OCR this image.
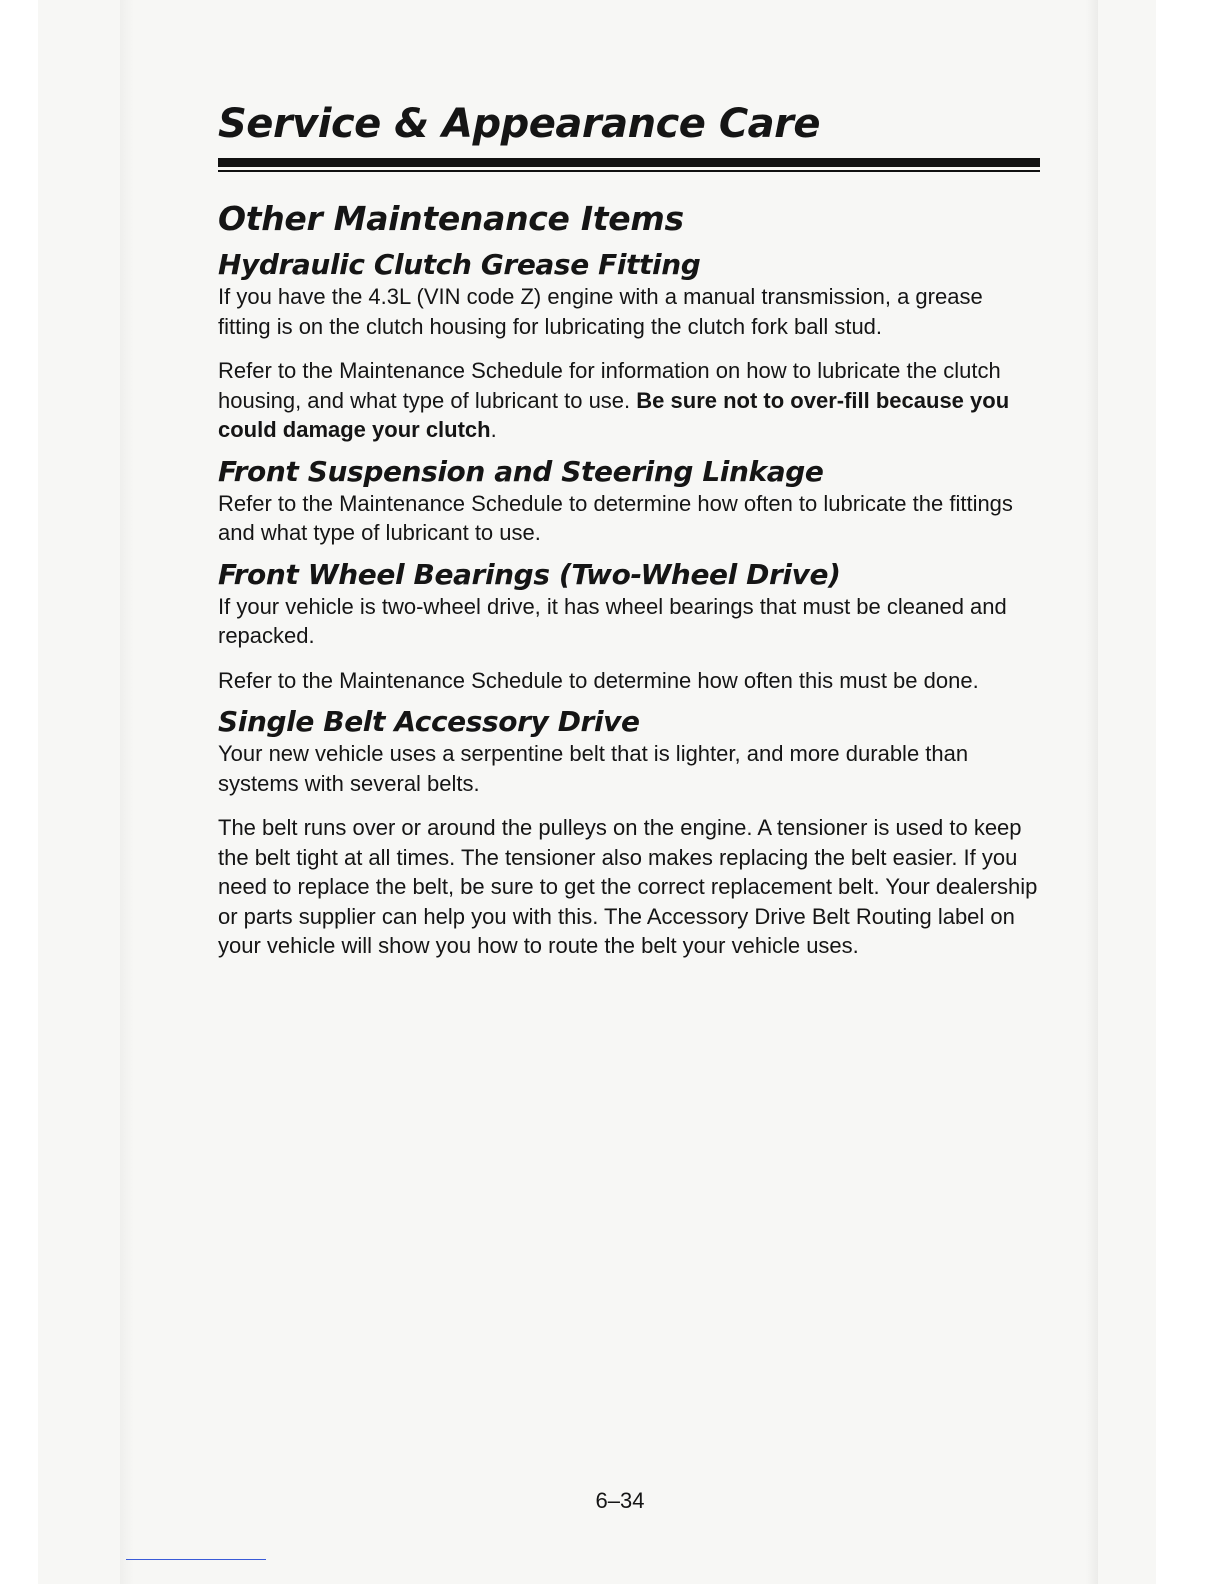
Service & Appearance Care
Other Maintenance Items
Hydraulic Clutch Grease Fitting

If you have the 4.3L (VIN code Z) engine with a manual transmission, a grease fitting is on the clutch housing for lubricating the clutch fork ball stud.

Refer to the Maintenance Schedule for information on how to lubricate the clutch housing, and what type of lubricant to use. Be sure not to over-fill because you could damage your clutch.

Front Suspension and Steering Linkage

Refer to the Maintenance Schedule to determine how often to lubricate the fittings and what type of lubricant to use.

Front Wheel Bearings (Two-Wheel Drive)

If your vehicle is two-wheel drive, it has wheel bearings that must be cleaned and repacked.

Refer to the Maintenance Schedule to determine how often this must be done.

Single Belt Accessory Drive

Your new vehicle uses a serpentine belt that is lighter, and more durable than systems with several belts.

The belt runs over or around the pulleys on the engine. A tensioner is used to keep the belt tight at all times. The tensioner also makes replacing the belt easier. If you need to replace the belt, be sure to get the correct replacement belt. Your dealership or parts supplier can help you with this. The Accessory Drive Belt Routing label on your vehicle will show you how to route the belt your vehicle uses.

6–34
